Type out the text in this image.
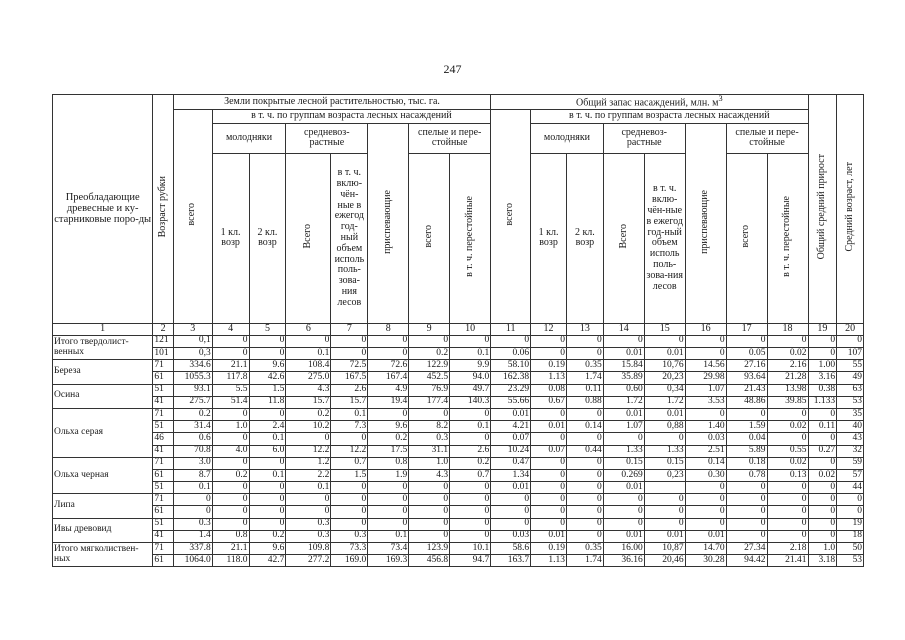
247
Преобладающие древесные и ку-старниковые поро-ды	Возраст рубки	Земли покрытые лесной растительностью, тыс. га.								Общий запас насаждений, млн. $м^3$								Общий средний прирост	Средний возраст, лет
		всего	в т. ч. по группам возраста лесных насаждений							всего	в т. ч. по группам возраста лесных насаждений								
			молодняки		средневоз-растные		приспевающие	спелые и пере-стойные			молодняки		средневоз-растные		приспевающие	спелые и пере-стойные			
			1 кл. возр	2 кл. возр	Всего	в т. ч. вклю-чён-ные в ежегод год-ный объем исполь поль-зова-ния лесов		всего	в т. ч. перестойные		1 кл. возр	2 кл. возр	Всего	в т. ч. вклю-чён-ные в ежегод год-ный объем исполь поль-зова-ния лесов		всего	в т. ч. перестойные		
1	2	3	4	5	6	7	8	9	10	11	12	13	14	15	16	17	18	19	20
Итого твердолист-венных	121	0,1	0	0	0	0	0	0	0	0	0	0	0	0	0	0	0	0	0
	101	0,3	0	0	0.1	0	0	0.2	0.1	0.06	0	0	0.01	0.01	0	0.05	0.02	0	107
Береза	71	334.6	21.1	9.6	108.4	72.5	72.6	122.9	9.9	58.10	0.19	0.35	15.84	10,76	14.56	27.16	2.16	1.00	55
	61	1055.3	117.8	42.6	275.0	167.5	167.4	452.5	94.0	162.38	1.13	1.74	35.89	20,23	29.98	93.64	21.28	3.16	49
Осина	51	93.1	5.5	1.5	4.3	2.6	4.9	76.9	49.7	23.29	0.08	0.11	0.60	0,34	1.07	21.43	13.98	0.38	63
	41	275.7	51.4	11.8	15.7	15.7	19.4	177.4	140.3	55.66	0.67	0.88	1.72	1.72	3.53	48.86	39.85	1.133	53
Ольха серая	71	0.2	0	0	0.2	0.1	0	0	0	0.01	0	0	0.01	0.01	0	0	0	0	35
	51	31.4	1.0	2.4	10.2	7.3	9.6	8.2	0.1	4.21	0.01	0.14	1.07	0,88	1.40	1.59	0.02	0.11	40
	46	0.6	0	0.1	0	0	0.2	0.3	0	0.07	0	0	0	0	0.03	0.04	0	0	43
	41	70.8	4.0	6.0	12.2	12.2	17.5	31.1	2.6	10.24	0.07	0.44	1.33	1.33	2.51	5.89	0.55	0.27	32
Ольха черная	71	3.0	0	0	1.2	0.7	0.8	1.0	0.2	0.47	0	0	0.15	0.15	0.14	0.18	0.02	0	59
	61	8.7	0.2	0.1	2.2	1.5	1.9	4.3	0.7	1.34	0	0	0.269	0,23	0.30	0.78	0.13	0.02	57
	51	0.1	0	0	0.1	0	0	0	0	0.01	0	0	0.01		0	0	0	0	44
Липа	71	0	0	0	0	0	0	0	0	0	0	0	0	0	0	0	0	0	0
	61	0	0	0	0	0	0	0	0	0	0	0	0	0	0	0	0	0	0
Ивы древовид	51	0.3	0	0	0.3	0	0	0	0	0	0	0	0	0	0	0	0	0	19
	41	1.4	0.8	0.2	0.3	0.3	0.1	0	0	0.03	0.01	0	0.01	0.01	0.01	0	0	0	18
Итого мягколиствен-ных	71	337.8	21.1	9.6	109.8	73.3	73.4	123.9	10.1	58.6	0.19	0.35	16.00	10,87	14.70	27.34	2.18	1.0	50
	61	1064.0	118.0	42.7	277.2	169.0	169.3	456.8	94.7	163.7	1.13	1.74	36.16	20,46	30.28	94.42	21.41	3.18	53
